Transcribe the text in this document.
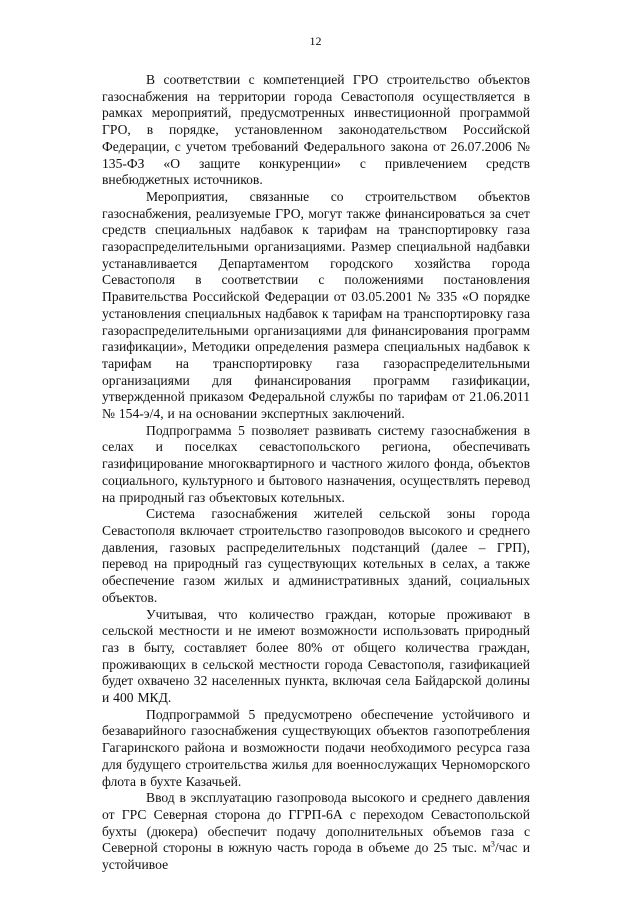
12

В соответствии с компетенцией ГРО строительство объектов газоснабжения на территории города Севастополя осуществляется в рамках мероприятий, предусмотренных инвестиционной программой ГРО, в порядке, установленном законодательством Российской Федерации, с учетом требований Федерального закона от 26.07.2006 № 135-ФЗ «О защите конкуренции» с привлечением средств внебюджетных источников.

Мероприятия, связанные со строительством объектов газоснабжения, реализуемые ГРО, могут также финансироваться за счет средств специальных надбавок к тарифам на транспортировку газа газораспределительными организациями. Размер специальной надбавки устанавливается Департаментом городского хозяйства города Севастополя в соответствии с положениями постановления Правительства Российской Федерации от 03.05.2001 № 335 «О порядке установления специальных надбавок к тарифам на транспортировку газа газораспределительными организациями для финансирования программ газификации», Методики определения размера специальных надбавок к тарифам на транспортировку газа газораспределительными организациями для финансирования программ газификации, утвержденной приказом Федеральной службы по тарифам от 21.06.2011 № 154-э/4, и на основании экспертных заключений.

Подпрограмма 5 позволяет развивать систему газоснабжения в селах и поселках севастопольского региона, обеспечивать газифицирование многоквартирного и частного жилого фонда, объектов социального, культурного и бытового назначения, осуществлять перевод на природный газ объектовых котельных.

Система газоснабжения жителей сельской зоны города Севастополя включает строительство газопроводов высокого и среднего давления, газовых распределительных подстанций (далее – ГРП), перевод на природный газ существующих котельных в селах, а также обеспечение газом жилых и административных зданий, социальных объектов.

Учитывая, что количество граждан, которые проживают в сельской местности и не имеют возможности использовать природный газ в быту, составляет более 80% от общего количества граждан, проживающих в сельской местности города Севастополя, газификацией будет охвачено 32 населенных пункта, включая села Байдарской долины и 400 МКД.

Подпрограммой 5 предусмотрено обеспечение устойчивого и безаварийного газоснабжения существующих объектов газопотребления Гагаринского района и возможности подачи необходимого ресурса газа для будущего строительства жилья для военнослужащих Черноморского флота в бухте Казачьей.

Ввод в эксплуатацию газопровода высокого и среднего давления от ГРС Северная сторона до ГГРП-6А с переходом Севастопольской бухты (дюкера) обеспечит подачу дополнительных объемов газа с Северной стороны в южную часть города в объеме до 25 тыс. $м^3$/час и устойчивое
